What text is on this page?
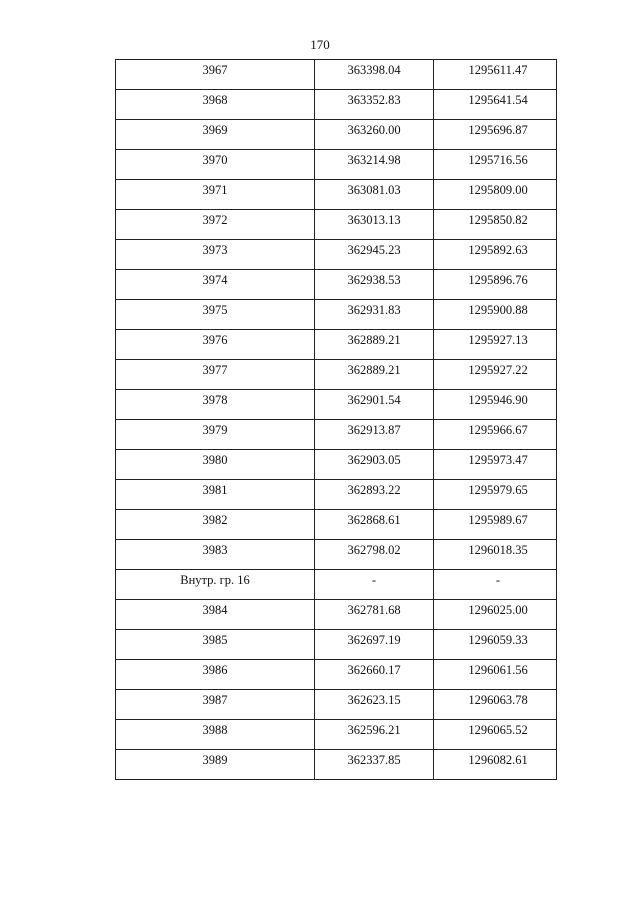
170
3967	363398.04	1295611.47
3968	363352.83	1295641.54
3969	363260.00	1295696.87
3970	363214.98	1295716.56
3971	363081.03	1295809.00
3972	363013.13	1295850.82
3973	362945.23	1295892.63
3974	362938.53	1295896.76
3975	362931.83	1295900.88
3976	362889.21	1295927.13
3977	362889.21	1295927.22
3978	362901.54	1295946.90
3979	362913.87	1295966.67
3980	362903.05	1295973.47
3981	362893.22	1295979.65
3982	362868.61	1295989.67
3983	362798.02	1296018.35
Внутр. гр. 16	-	-
3984	362781.68	1296025.00
3985	362697.19	1296059.33
3986	362660.17	1296061.56
3987	362623.15	1296063.78
3988	362596.21	1296065.52
3989	362337.85	1296082.61
